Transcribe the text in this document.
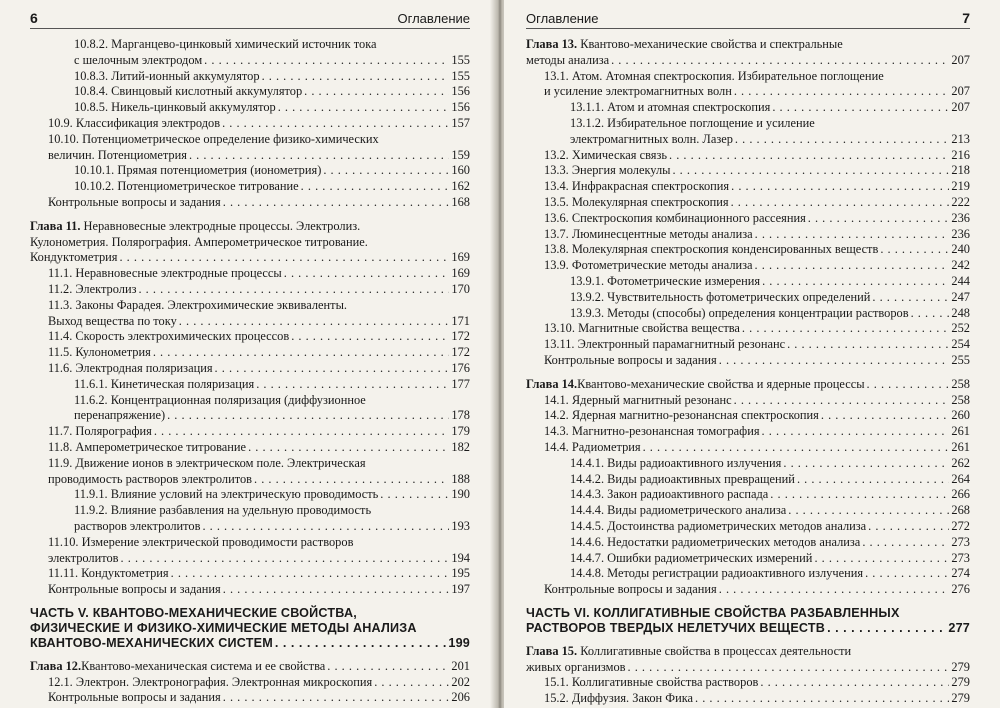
6	Оглавление
10.8.2. Марганцево-цинковый химический источник тока
с шелочным электродом . . .	155
10.8.3. Литий-ионный аккумулятор . . .	155
10.8.4. Свинцовый кислотный аккумулятор . . .	156
10.8.5. Никель-цинковый аккумулятор . . .	156
10.9. Классификация электродов . . .	157
10.10. Потенциометрическое определение физико-химических
величин. Потенциометрия . . .	159
10.10.1. Прямая потенциометрия (ионометрия) . . .	160
10.10.2. Потенциометрическое титрование . . .	162
Контрольные вопросы и задания . . .	168
Глава 11. Неравновесные электродные процессы. Электролиз.
Кулонометрия. Полярография. Амперометрическое титрование.
Кондуктометрия . . .	169
11.1. Неравновесные электродные процессы . . .	169
11.2. Электролиз . . .	170
11.3. Законы Фарадея. Электрохимические эквиваленты.
Выход вещества по току . . .	171
11.4. Скорость электрохимических процессов . . .	172
11.5. Кулонометрия . . .	172
11.6. Электродная поляризация . . .	176
11.6.1. Кинетическая поляризация . . .	177
11.6.2. Концентрационная поляризация (диффузионное
перенапряжение) . . .	178
11.7. Полярография . . .	179
11.8. Амперометрическое титрование . . .	182
11.9. Движение ионов в электрическом поле. Электрическая
проводимость растворов электролитов . . .	188
11.9.1. Влияние условий на электрическую проводимость . . .	190
11.9.2. Влияние разбавления на удельную проводимость
растворов электролитов . . .	193
11.10. Измерение электрической проводимости растворов
электролитов . . .	194
11.11. Кондуктометрия . . .	195
Контрольные вопросы и задания . . .	197
ЧАСТЬ V. КВАНТОВО-МЕХАНИЧЕСКИЕ СВОЙСТВА,
ФИЗИЧЕСКИЕ И ФИЗИКО-ХИМИЧЕСКИЕ МЕТОДЫ АНАЛИЗА
КВАНТОВО-МЕХАНИЧЕСКИХ СИСТЕМ . . .	199
Глава 12. Квантово-механическая система и ее свойства . . .	201
12.1. Электрон. Электронография. Электронная микроскопия . . .	202
Контрольные вопросы и задания . . .	206
Оглавление	7
Глава 13. Квантово-механические свойства и спектральные
методы анализа . . .	207
13.1. Атом. Атомная спектроскопия. Избирательное поглощение
и усиление электромагнитных волн . . .	207
13.1.1. Атом и атомная спектроскопия . . .	207
13.1.2. Избирательное поглощение и усиление
электромагнитных волн. Лазер . . .	213
13.2. Химическая связь . . .	216
13.3. Энергия молекулы . . .	218
13.4. Инфракрасная спектроскопия . . .	219
13.5. Молекулярная спектроскопия . . .	222
13.6. Спектроскопия комбинационного рассеяния . . .	236
13.7. Люминесцентные методы анализа . . .	236
13.8. Молекулярная спектроскопия конденсированных веществ . . .	240
13.9. Фотометрические методы анализа . . .	242
13.9.1. Фотометрические измерения . . .	244
13.9.2. Чувствительность фотометрических определений . . .	247
13.9.3. Методы (способы) определения концентрации растворов . . .	248
13.10. Магнитные свойства вещества . . .	252
13.11. Электронный парамагнитный резонанс . . .	254
Контрольные вопросы и задания . . .	255
Глава 14. Квантово-механические свойства и ядерные процессы . . .	258
14.1. Ядерный магнитный резонанс . . .	258
14.2. Ядерная магнитно-резонансная спектроскопия . . .	260
14.3. Магнитно-резонансная томография . . .	261
14.4. Радиометрия . . .	261
14.4.1. Виды радиоактивного излучения . . .	262
14.4.2. Виды радиоактивных превращений . . .	264
14.4.3. Закон радиоактивного распада . . .	266
14.4.4. Виды радиометрического анализа . . .	268
14.4.5. Достоинства радиометрических методов анализа . . .	272
14.4.6. Недостатки радиометрических методов анализа . . .	273
14.4.7. Ошибки радиометрических измерений . . .	273
14.4.8. Методы регистрации радиоактивного излучения . . .	274
Контрольные вопросы и задания . . .	276
ЧАСТЬ VI. КОЛЛИГАТИВНЫЕ СВОЙСТВА РАЗБАВЛЕННЫХ
РАСТВОРОВ ТВЕРДЫХ НЕЛЕТУЧИХ ВЕЩЕСТВ . . .	277
Глава 15. Коллигативные свойства в процессах деятельности
живых организмов . . .	279
15.1. Коллигативные свойства растворов . . .	279
15.2. Диффузия. Закон Фика . . .	279
